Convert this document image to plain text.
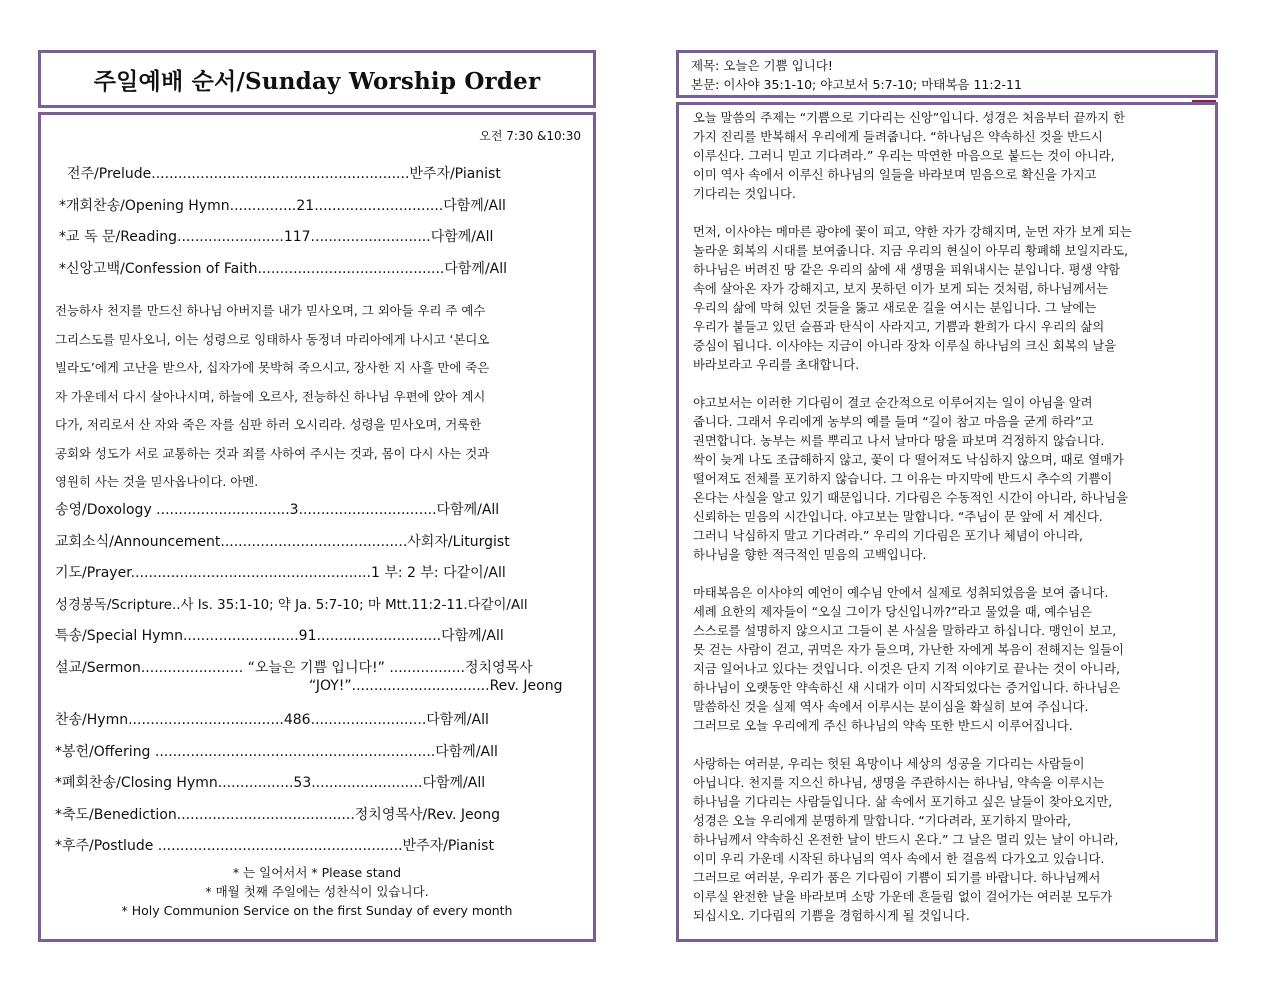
주일예배 순서/Sunday Worship Order
오전 7:30 &10:30
전주/Prelude..........................................................반주자/Pianist
*개회찬송/Opening Hymn...............21.............................다함께/All
*교 독 문/Reading........................117...........................다함께/All
*신앙고백/Confession of Faith..........................................다함께/All
전능하사 천지를 만드신 하나님 아버지를 내가 믿사오며, 그 외아들 우리 주 예수
그리스도를 믿사오니, 이는 성령으로 잉태하사 동정녀 마리아에게 나시고 ‘본디오
빌라도’에게 고난을 받으사, 십자가에 못박혀 죽으시고, 장사한 지 사흘 만에 죽은
자 가운데서 다시 살아나시며, 하늘에 오르사, 전능하신 하나님 우편에 앉아 계시
다가, 저리로서 산 자와 죽은 자를 심판 하러 오시리라. 성령을 믿사오며, 거룩한
공회와 성도가 서로 교통하는 것과 죄를 사하여 주시는 것과, 몸이 다시 사는 것과
영원히 사는 것을 믿사옵나이다. 아멘.
송영/Doxology ..............................3...............................다함께/All
교회소식/Announcement..........................................사회자/Liturgist
기도/Prayer......................................................1 부: 2 부: 다같이/All
성경봉독/Scripture..사 Is. 35:1-10; 약 Ja. 5:7-10; 마 Mtt.11:2-11.다같이/All
특송/Special Hymn..........................91............................다함께/All
설교/Sermon....................... “오늘은 기쁨 입니다!” .................정치영목사
“JOY!”...............................Rev. Jeong
찬송/Hymn...................................486..........................다함께/All
*봉헌/Offering ...............................................................다함께/All
*폐회찬송/Closing Hymn.................53.........................다함께/All
*축도/Benediction........................................정치영목사/Rev. Jeong
*후주/Postlude .......................................................반주자/Pianist
* 는 일어서서 * Please stand
* 매월 첫째 주일에는 성찬식이 있습니다.
* Holy Communion Service on the first Sunday of every month
제목: 오늘은 기쁨 입니다!
본문: 이사야 35:1-10; 야고보서 5:7-10; 마태복음 11:2-11

오늘 말씀의 주제는 “기쁨으로 기다리는 신앙”입니다. 성경은 처음부터 끝까지 한
가지 진리를 반복해서 우리에게 들려줍니다. “하나님은 약속하신 것을 반드시
이루신다. 그러니 믿고 기다려라.” 우리는 막연한 마음으로 붙드는 것이 아니라,
이미 역사 속에서 이루신 하나님의 일들을 바라보며 믿음으로 확신을 가지고
기다리는 것입니다.

먼저, 이사야는 메마른 광야에 꽃이 피고, 약한 자가 강해지며, 눈먼 자가 보게 되는
놀라운 회복의 시대를 보여줍니다. 지금 우리의 현실이 아무리 황폐해 보일지라도,
하나님은 버려진 땅 같은 우리의 삶에 새 생명을 피워내시는 분입니다. 평생 약함
속에 살아온 자가 강해지고, 보지 못하던 이가 보게 되는 것처럼, 하나님께서는
우리의 삶에 막혀 있던 것들을 뚫고 새로운 길을 여시는 분입니다. 그 날에는
우리가 붙들고 있던 슬픔과 탄식이 사라지고, 기쁨과 환희가 다시 우리의 삶의
중심이 됩니다. 이사야는 지금이 아니라 장차 이루실 하나님의 크신 회복의 날을
바라보라고 우리를 초대합니다.

야고보서는 이러한 기다림이 결코 순간적으로 이루어지는 일이 아님을 알려
줍니다. 그래서 우리에게 농부의 예를 들며 “길이 참고 마음을 굳게 하라”고
권면합니다. 농부는 씨를 뿌리고 나서 날마다 땅을 파보며 걱정하지 않습니다.
싹이 늦게 나도 조급해하지 않고, 꽃이 다 떨어져도 낙심하지 않으며, 때로 열매가
떨어져도 전체를 포기하지 않습니다. 그 이유는 마지막에 반드시 추수의 기쁨이
온다는 사실을 알고 있기 때문입니다. 기다림은 수동적인 시간이 아니라, 하나님을
신뢰하는 믿음의 시간입니다. 야고보는 말합니다. “주님이 문 앞에 서 계신다.
그러니 낙심하지 말고 기다려라.” 우리의 기다림은 포기나 체념이 아니라,
하나님을 향한 적극적인 믿음의 고백입니다.

마태복음은 이사야의 예언이 예수님 안에서 실제로 성취되었음을 보여 줍니다.
세례 요한의 제자들이 “오실 그이가 당신입니까?”라고 물었을 때, 예수님은
스스로를 설명하지 않으시고 그들이 본 사실을 말하라고 하십니다. 맹인이 보고,
못 걷는 사람이 걷고, 귀먹은 자가 들으며, 가난한 자에게 복음이 전해지는 일들이
지금 일어나고 있다는 것입니다. 이것은 단지 기적 이야기로 끝나는 것이 아니라,
하나님이 오랫동안 약속하신 새 시대가 이미 시작되었다는 증거입니다. 하나님은
말씀하신 것을 실제 역사 속에서 이루시는 분이심을 확실히 보여 주십니다.
그러므로 오늘 우리에게 주신 하나님의 약속 또한 반드시 이루어집니다.

사랑하는 여러분, 우리는 헛된 욕망이나 세상의 성공을 기다리는 사람들이
아닙니다. 천지를 지으신 하나님, 생명을 주관하시는 하나님, 약속을 이루시는
하나님을 기다리는 사람들입니다. 삶 속에서 포기하고 싶은 날들이 찾아오지만,
성경은 오늘 우리에게 분명하게 말합니다. “기다려라, 포기하지 말아라,
하나님께서 약속하신 온전한 날이 반드시 온다.” 그 날은 멀리 있는 날이 아니라,
이미 우리 가운데 시작된 하나님의 역사 속에서 한 걸음씩 다가오고 있습니다.
그러므로 여러분, 우리가 품은 기다림이 기쁨이 되기를 바랍니다. 하나님께서
이루실 완전한 날을 바라보며 소망 가운데 흔들림 없이 걸어가는 여러분 모두가
되십시오. 기다림의 기쁨을 경험하시게 될 것입니다.
